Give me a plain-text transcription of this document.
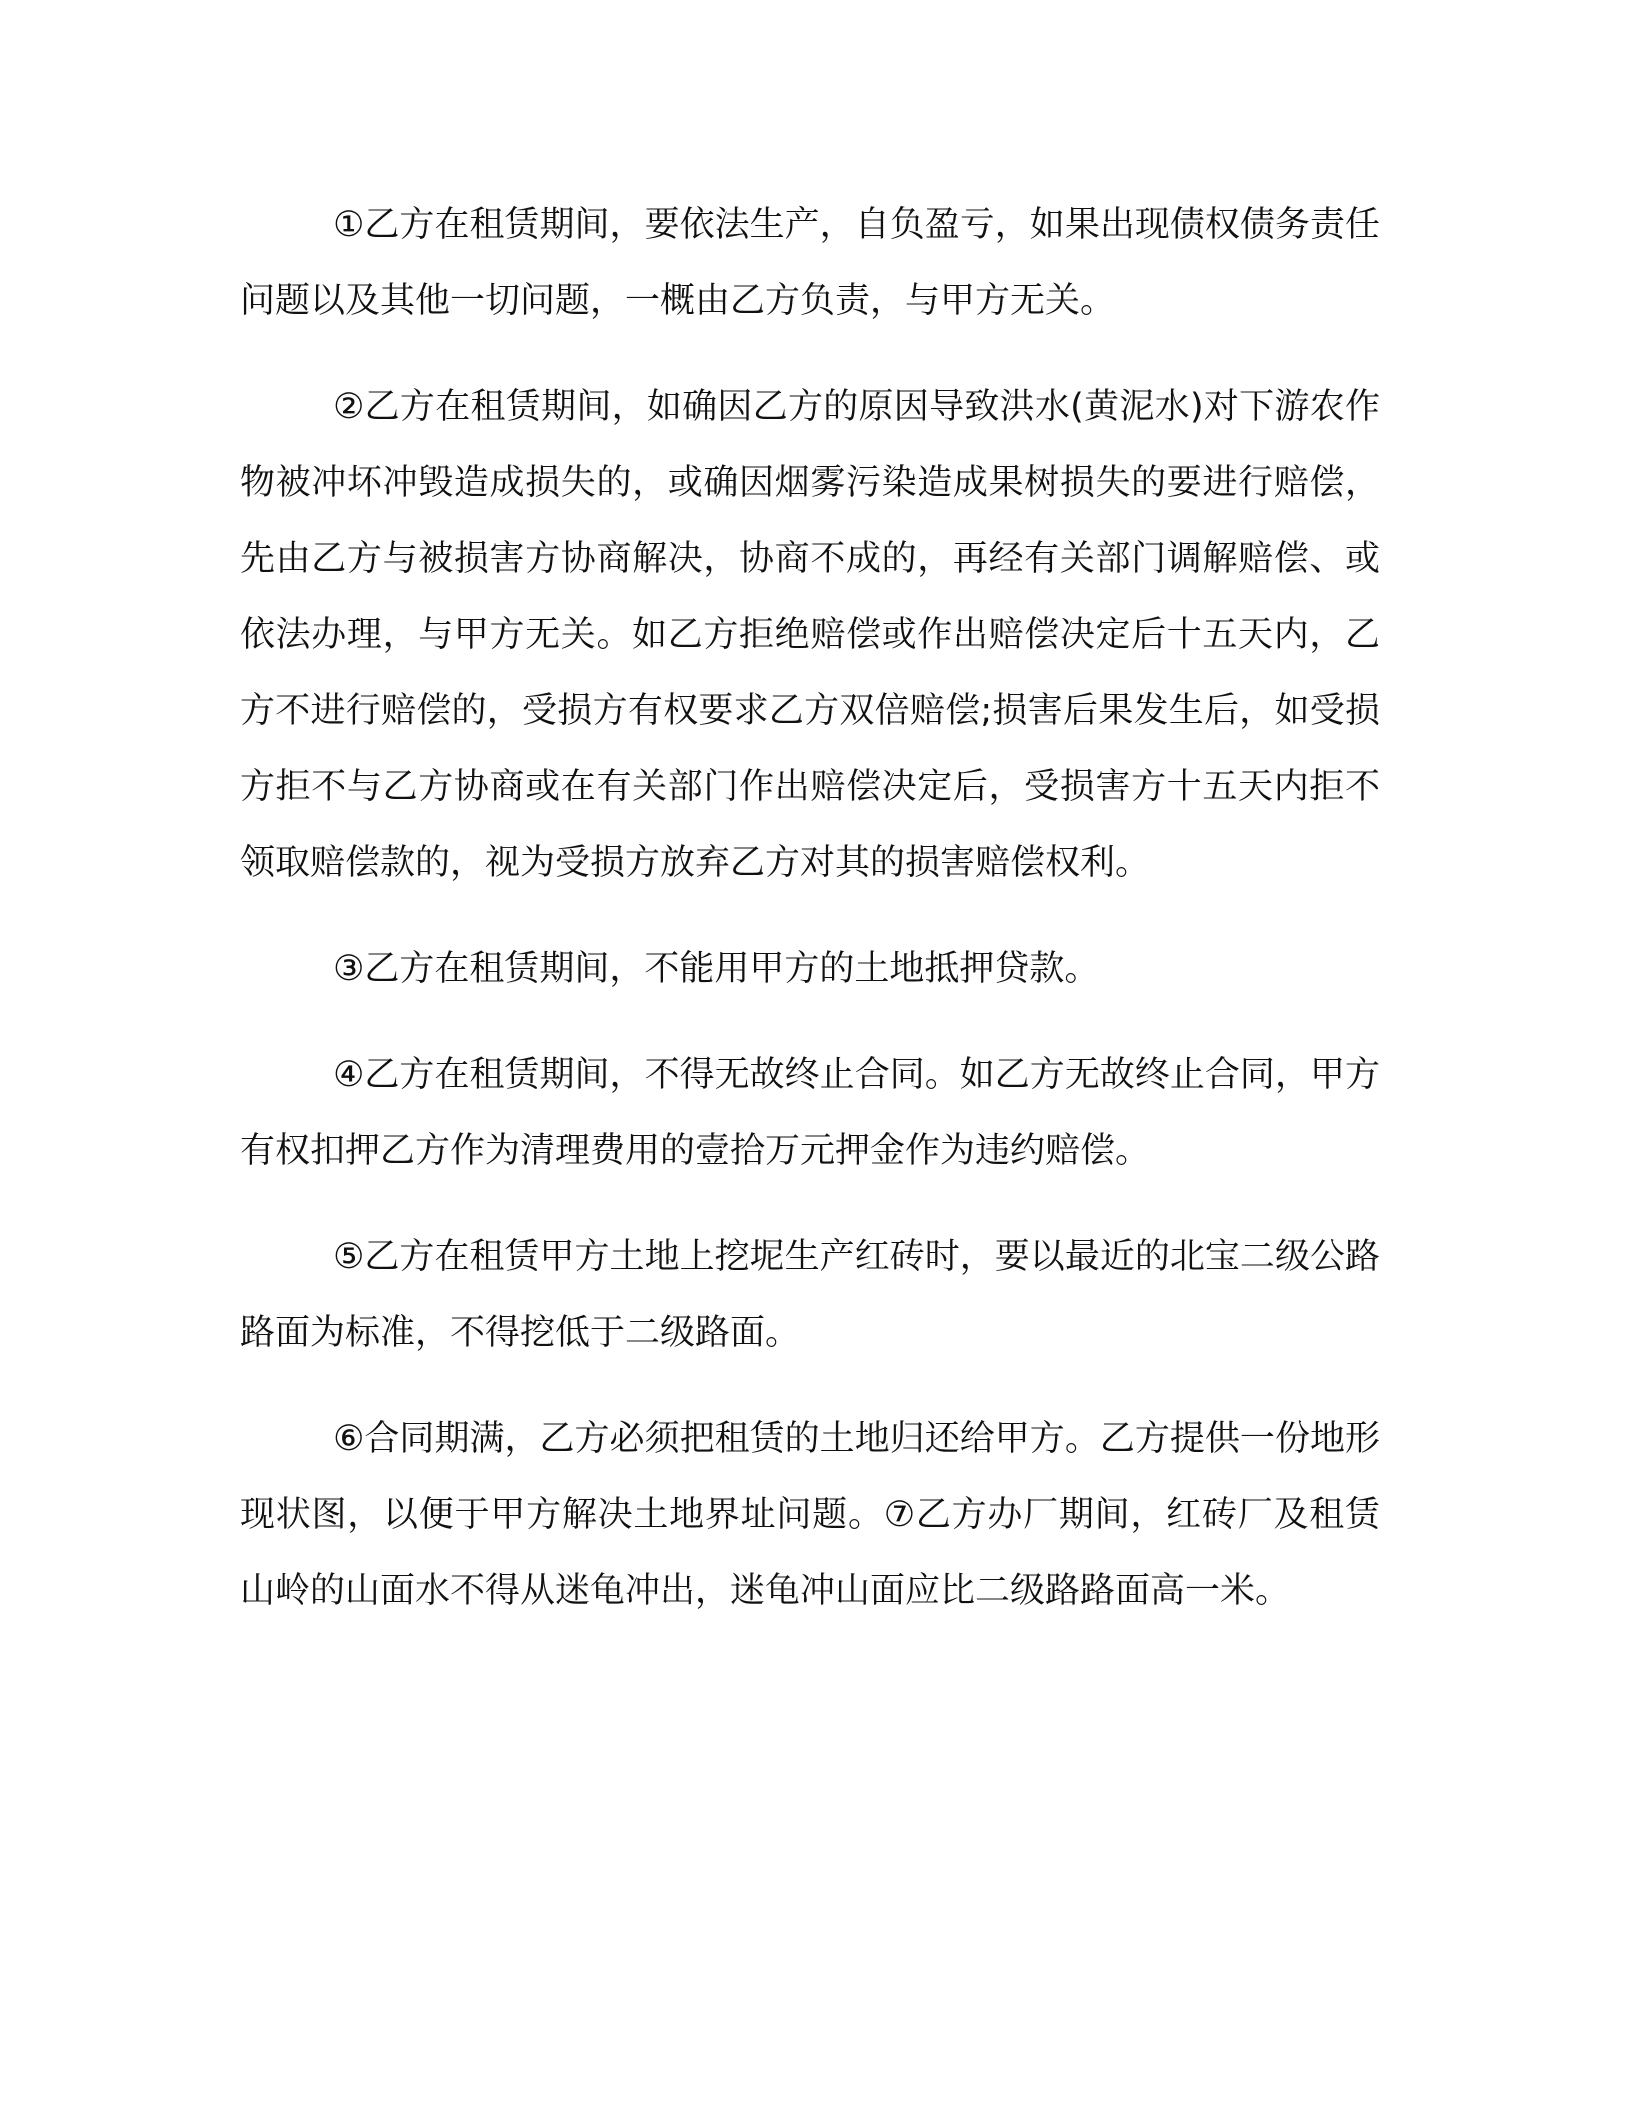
①乙方在租赁期间，要依法生产，自负盈亏，如果出现债权债务责任问题以及其他一切问题，一概由乙方负责，与甲方无关。

②乙方在租赁期间，如确因乙方的原因导致洪水(黄泥水)对下游农作物被冲坏冲毁造成损失的，或确因烟雾污染造成果树损失的要进行赔偿，先由乙方与被损害方协商解决，协商不成的，再经有关部门调解赔偿、或依法办理，与甲方无关。如乙方拒绝赔偿或作出赔偿决定后十五天内，乙方不进行赔偿的，受损方有权要求乙方双倍赔偿;损害后果发生后，如受损方拒不与乙方协商或在有关部门作出赔偿决定后，受损害方十五天内拒不领取赔偿款的，视为受损方放弃乙方对其的损害赔偿权利。

③乙方在租赁期间，不能用甲方的土地抵押贷款。

④乙方在租赁期间，不得无故终止合同。如乙方无故终止合同，甲方有权扣押乙方作为清理费用的壹拾万元押金作为违约赔偿。

⑤乙方在租赁甲方土地上挖坭生产红砖时，要以最近的北宝二级公路路面为标准，不得挖低于二级路面。

⑥合同期满，乙方必须把租赁的土地归还给甲方。乙方提供一份地形现状图，以便于甲方解决土地界址问题。⑦乙方办厂期间，红砖厂及租赁山岭的山面水不得从迷龟冲出，迷龟冲山面应比二级路路面高一米。
